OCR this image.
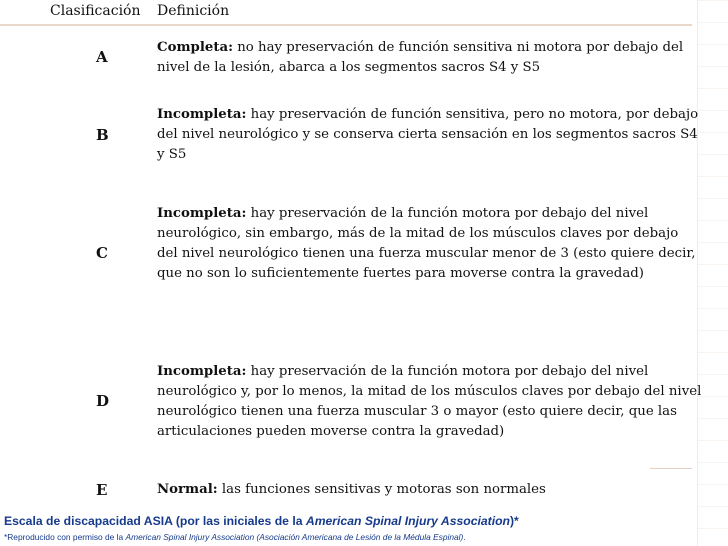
Clasificación Definición
A
Completa: no hay preservación de función sensitiva ni motora por debajo del nivel de la lesión, abarca a los segmentos sacros S4 y S5
B
Incompleta: hay preservación de función sensitiva, pero no motora, por debajo del nivel neurológico y se conserva cierta sensación en los segmentos sacros S4 y S5
C
Incompleta: hay preservación de la función motora por debajo del nivel neurológico, sin embargo, más de la mitad de los músculos claves por debajo del nivel neurológico tienen una fuerza muscular menor de 3 (esto quiere decir, que no son lo suficientemente fuertes para moverse contra la gravedad)
D
Incompleta: hay preservación de la función motora por debajo del nivel neurológico y, por lo menos, la mitad de los músculos claves por debajo del nivel neurológico tienen una fuerza muscular 3 o mayor (esto quiere decir, que las articulaciones pueden moverse contra la gravedad)
E	Normal: las funciones sensitivas y motoras son normales
Escala de discapacidad ASIA (por las iniciales de la American Spinal Injury Association)*
*Reproducido con permiso de la American Spinal Injury Association (Asociación Americana de Lesión de la Médula Espinal).
